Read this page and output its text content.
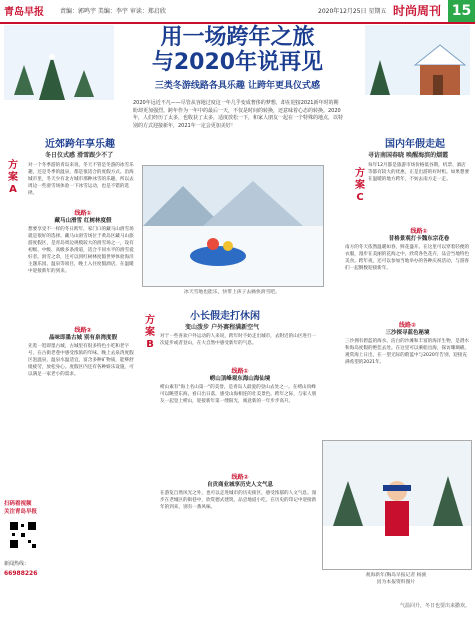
青岛早报	责编：郭鸣宇 美编：李宇 审读：郑启欣	2020年12月25日 星期五 时尚周刊 15
用一场跨年之旅
与2020年说再见
三类冬游线路各具乐趣 让跨年更具仪式感
2020年远近不凡——尽管从容地过度这一年几乎变成奢侈的梦想，却在迎接2021新年时的期盼却更加强烈。跨年作为一年中的最后一天，不仅是时间的转换，还意味着心态的转换。2020年，人们经历了太多，也收获了太多，适度放松一下，和家人朋友一起在一个特殊的地点，以特别的方式迎接新年，2021年一定会更加美好！
方案A
近郊跨年享乐趣
冬日仪式感 滑雪跟少不了
对一个冬季游的青岛来说，冬天不管是冬游的冰雪乐趣，还是冬季的温泉，都是很适合的度假方式。沿海城市里，冬天少有北方城市那种冰雪的乐趣，所以去周边一些滑雪场体验一下冰雪运动，也是不错的选择。
线路①
藏马山滑雪 红树林度假
想要享受不一样的冬日跨年，家门口的藏马山滑雪场就是很好的选择。藏马山滑雪场位于黄岛区藏马山旅游度假区，是青岛周边规模较大的滑雪场之一，设有初级、中级、高级多条滑道，适合不同水平的滑雪爱好者。滑雪之余，还可以到红树林度假世界体验海洋主题乐园、温泉等项目，晚上入住度假酒店，在温暖中迎接新年的到来。
线路②
晶味即墨古城 别有泉湾度假
先逛一逛即墨古城，古城里有很多特色小吃和老字号，在古街老巷中感受浓浓的年味。晚上去泉湾度假区泡温泉，温泉水温适宜，富含多种矿物质，能够舒缓疲劳，放松身心。度假区内还有各种娱乐设施，可以满足一家老小的需求。
扫码看视频
关注青岛早报
新闻热线：
66988226
冰天雪地也能乐，快带上孩子去痛快滑雪吧。
方案B
小长假走打休闲
变山泼步 户外赛程满新空气
对于一些喜欢户外运动的人来说，跨年时不妨走出城市，去附近的山区进行一次徒步或者登山，在大自然中感受新年的气息。
线路①
崂山顶峰观东海山海仙境
崂山素有"海上名山第一"的美誉，是青岛人最爱的登山去处之一。在崂山顶峰可以眺望东海，看日出日落，感受山海相连的壮美景色。跨年之际，与家人朋友一起登上崂山，迎接新年第一缕阳光，寓意新的一年步步高升。
线路②
自贡商业城享历史人文气息
在游览自然风光之外，也可以走进城市的历史街区，感受浓郁的人文气息。漫步在老城区的街巷中，欣赏德式建筑，品尝地道小吃，在历史的印记中迎接新年的到来，别有一番风味。
方案C
国内年假走起
寻访南国春晓 唤醒海滨的烟霞
每年12月都是旅游市场价格低谷期，机票、酒店等都有较大的优惠，正是出游的好时机。如果想要在温暖的地方跨年，不妨去南方走一走。
线路①
昔格景观打卡魏东宗花卷
南方的冬天依然温暖如春，鲜花盛开。在这里可以穿着轻便的衣服，漫步在美丽的花海之中，欣赏各色花卉，品尝当地特色美食。跨年夜，还可以参加当地举办的各种庆祝活动，与游客们一起倒数迎接新年。
线路②
三沙探寻蓝色秘境
三沙拥有碧蓝的海水、洁白的沙滩和丰富的海洋生物，是潜水和海岛度假的绝佳去处。在这里可以乘船出海，探访珊瑚礁，观赏海上日出，在一望无际的蔚蓝中与2020年告别，迎接充满希望的2021年。
观海新年/胸岛早报记者 杨骏
因为本报资料图片
气温回升，冬日也要出来撒欢。
